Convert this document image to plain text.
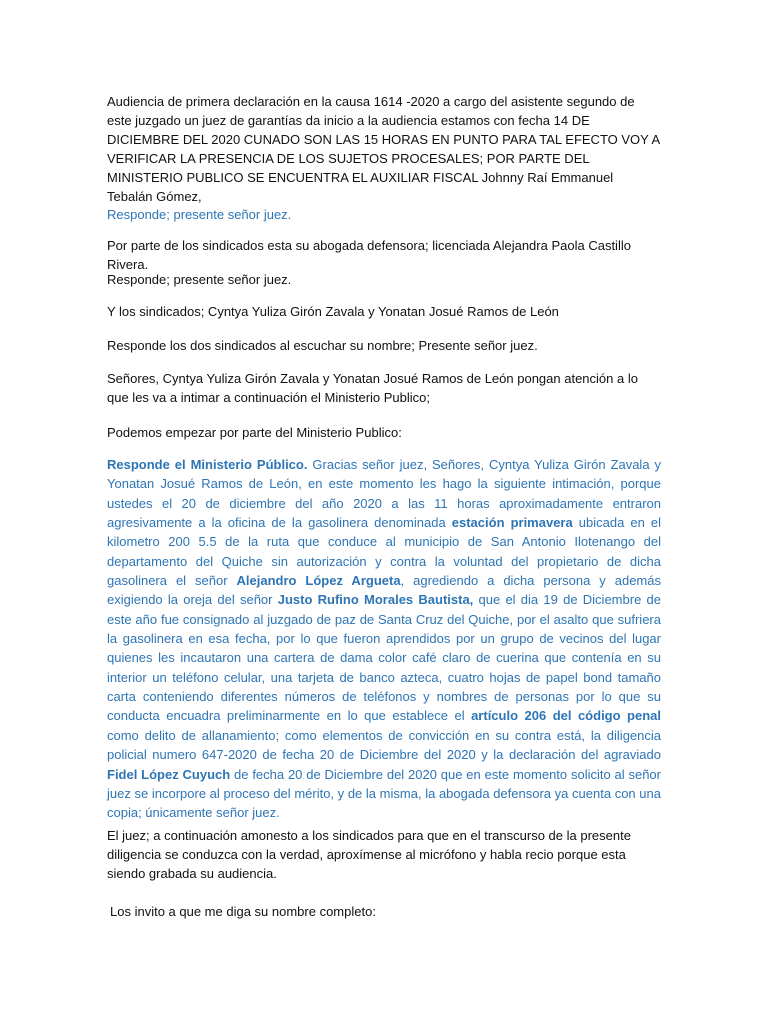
Audiencia de primera declaración en la causa 1614 -2020 a cargo del asistente segundo de este juzgado un juez de garantías da inicio a la audiencia estamos con fecha 14 DE DICIEMBRE DEL 2020 CUNADO SON LAS 15 HORAS EN PUNTO PARA TAL EFECTO VOY A VERIFICAR LA PRESENCIA DE LOS SUJETOS PROCESALES; POR PARTE DEL MINISTERIO PUBLICO SE ENCUENTRA EL AUXILIAR FISCAL Johnny Raí Emmanuel Tebalán Gómez,

Responde; presente señor juez.

Por parte de los sindicados esta su abogada defensora; licenciada Alejandra Paola Castillo Rivera.

Responde; presente señor juez.

Y los sindicados; Cyntya Yuliza Girón Zavala y Yonatan Josué Ramos de León

Responde los dos sindicados al escuchar su nombre; Presente señor juez.

Señores, Cyntya Yuliza Girón Zavala y Yonatan Josué Ramos de León pongan atención a lo que les va a intimar a continuación el Ministerio Publico;

Podemos empezar por parte del Ministerio Publico:

Responde el Ministerio Público. Gracias señor juez, Señores, Cyntya Yuliza Girón Zavala y Yonatan Josué Ramos de León, en este momento les hago la siguiente intimación, porque ustedes el 20 de diciembre del año 2020 a las 11 horas aproximadamente entraron agresivamente a la oficina de la gasolinera denominada estación primavera ubicada en el kilometro 200 5.5 de la ruta que conduce al municipio de San Antonio Ilotenango del departamento del Quiche sin autorización y contra la voluntad del propietario de dicha gasolinera el señor Alejandro López Argueta, agrediendo a dicha persona y además exigiendo la oreja del señor Justo Rufino Morales Bautista, que el dia 19 de Diciembre de este año fue consignado al juzgado de paz de Santa Cruz del Quiche, por el asalto que sufriera la gasolinera en esa fecha, por lo que fueron aprendidos por un grupo de vecinos del lugar quienes les incautaron una cartera de dama color café claro de cuerina que contenía en su interior un teléfono celular, una tarjeta de banco azteca, cuatro hojas de papel bond tamaño carta conteniendo diferentes números de teléfonos y nombres de personas por lo que su conducta encuadra preliminarmente en lo que establece el artículo 206 del código penal como delito de allanamiento; como elementos de convicción en su contra está, la diligencia policial numero 647-2020 de fecha 20 de Diciembre del 2020 y la declaración del agraviado Fidel López Cuyuch de fecha 20 de Diciembre del 2020 que en este momento solicito al señor juez se incorpore al proceso del mérito, y de la misma, la abogada defensora ya cuenta con una copia; únicamente señor juez.

El juez; a continuación amonesto a los sindicados para que en el transcurso de la presente diligencia se conduzca con la verdad, aproxímense al micrófono y habla recio porque esta siendo grabada su audiencia.

Los invito a que me diga su nombre completo:
